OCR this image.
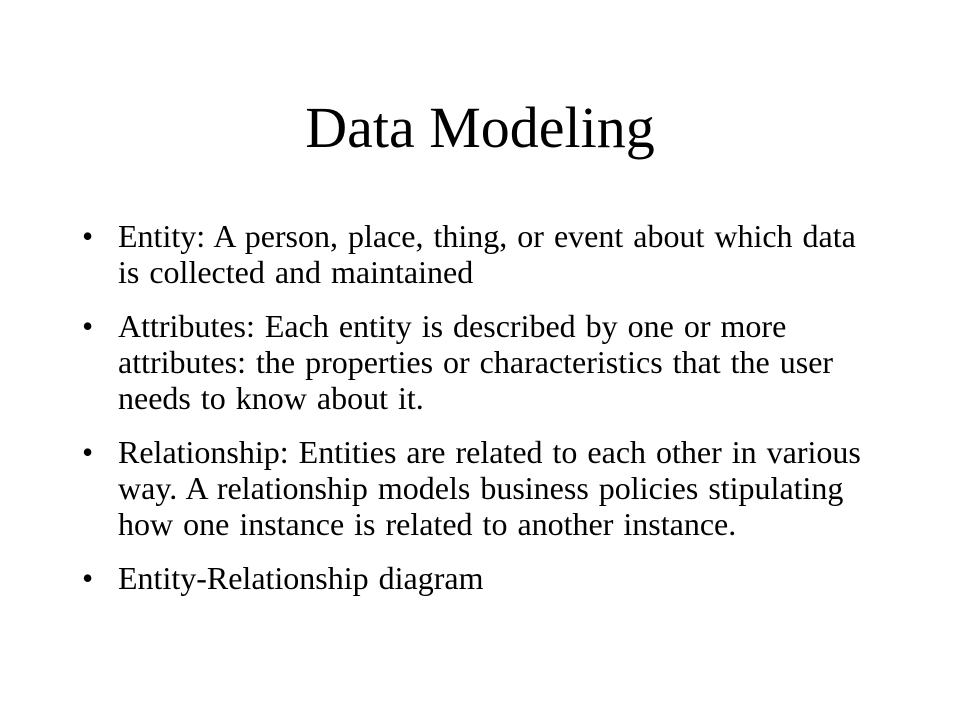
Data Modeling
• Entity: A person, place, thing, or event about which data is collected and maintained
• Attributes: Each entity is described by one or more attributes: the properties or characteristics that the user needs to know about it.
• Relationship: Entities are related to each other in various way. A relationship models business policies stipulating how one instance is related to another instance.
• Entity-Relationship diagram
